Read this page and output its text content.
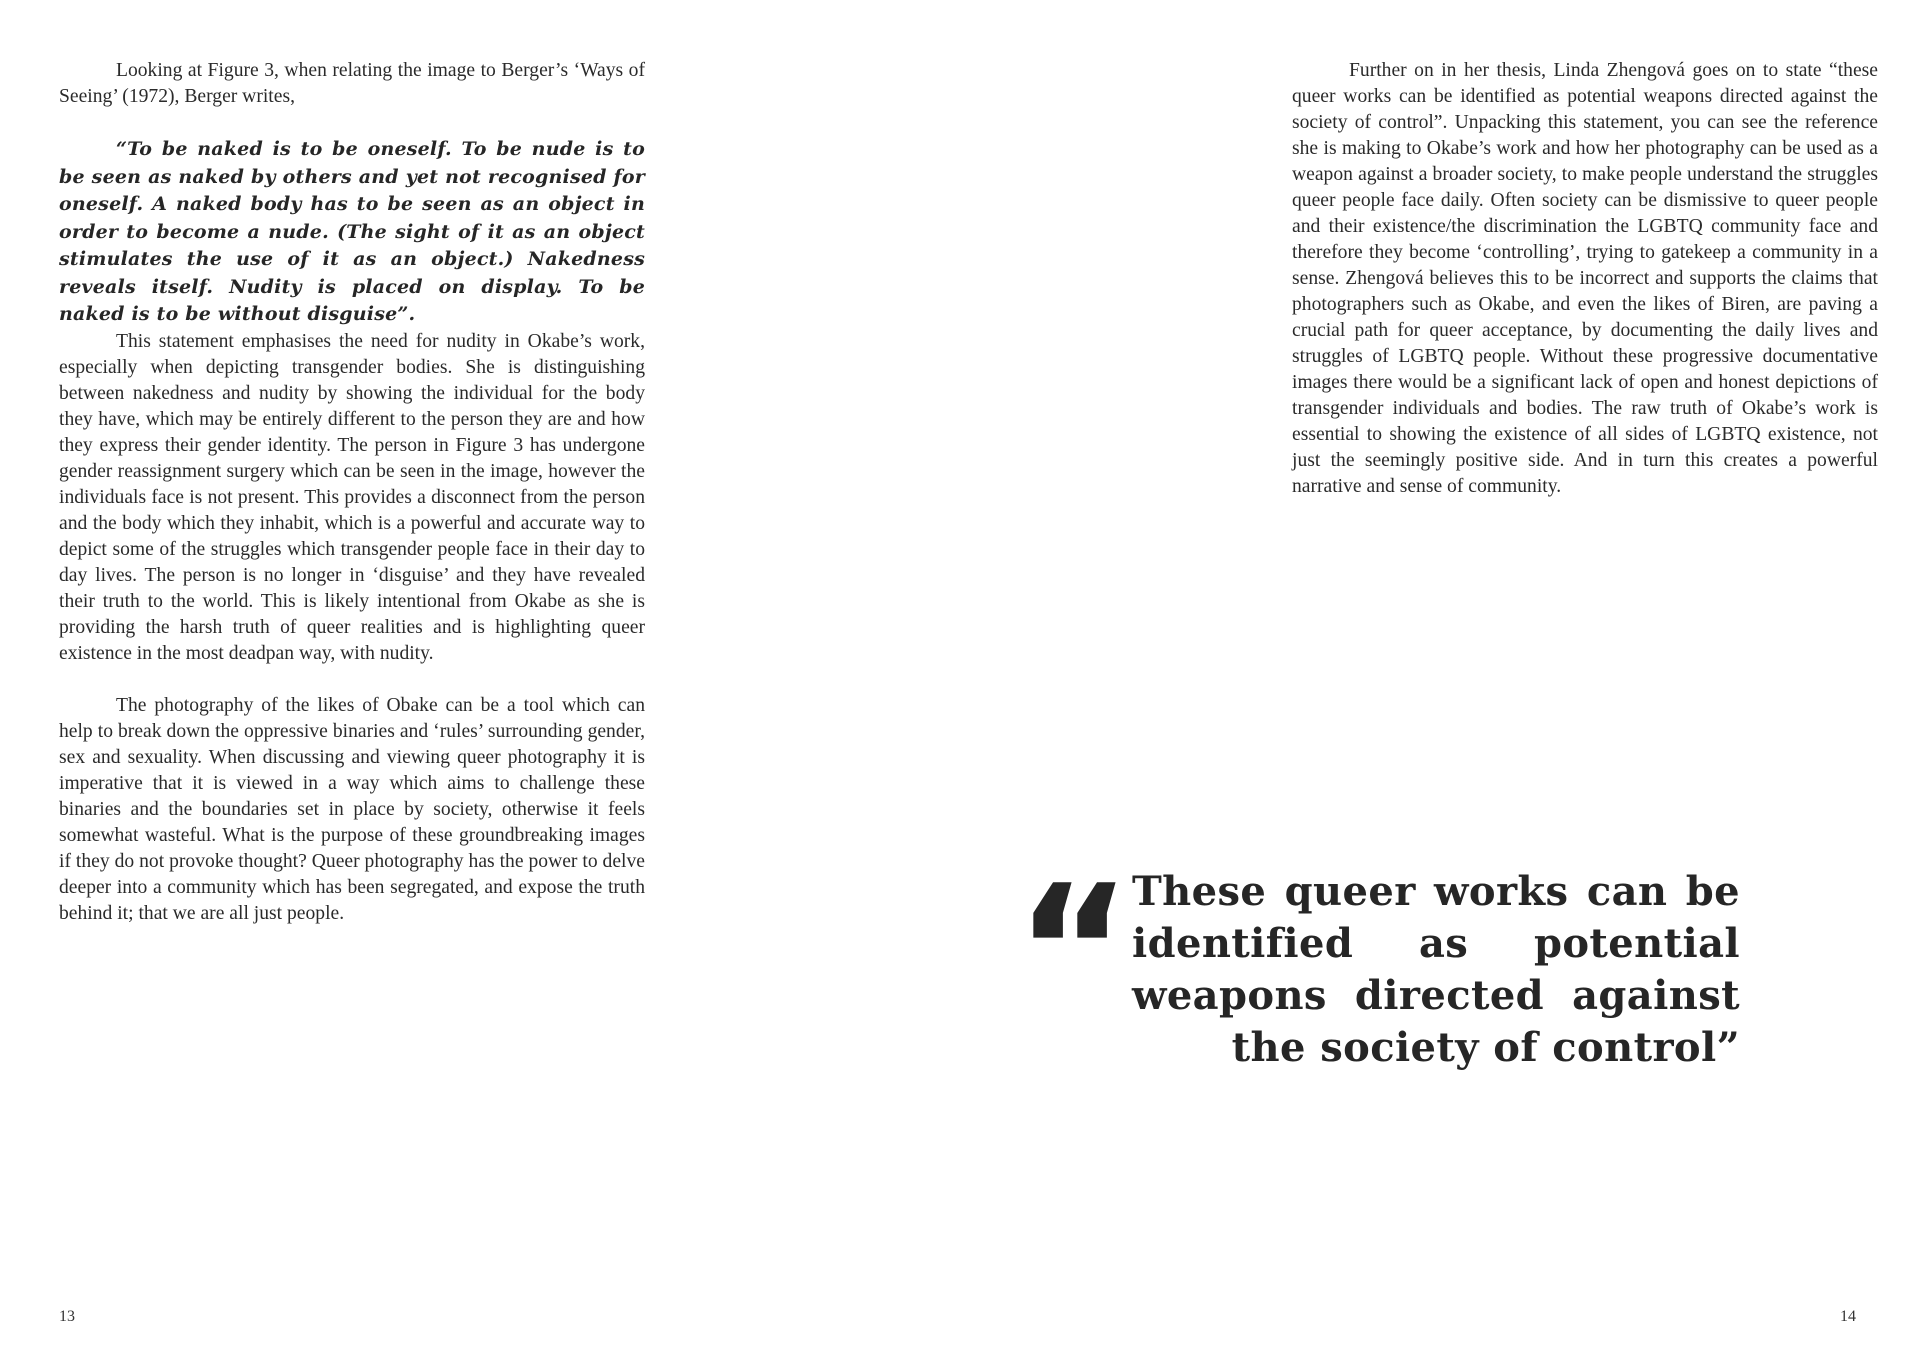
Looking at Figure 3, when relating the image to Berger’s ‘Ways of Seeing’ (1972), Berger writes,

“To be naked is to be oneself. To be nude is to be seen as naked by others and yet not recognised for oneself. A naked body has to be seen as an object in order to become a nude. (The sight of it as an object stimulates the use of it as an object.) Nakedness reveals itself. Nudity is placed on display. To be naked is to be without disguise”.

This statement emphasises the need for nudity in Okabe’s work, especially when depicting transgender bodies. She is distinguishing between nakedness and nudity by showing the individual for the body they have, which may be entirely different to the person they are and how they express their gender identity. The person in Figure 3 has undergone gender reassignment surgery which can be seen in the image, however the individuals face is not present. This provides a disconnect from the person and the body which they inhabit, which is a powerful and accurate way to depict some of the struggles which transgender people face in their day to day lives. The person is no longer in ‘disguise’ and they have revealed their truth to the world. This is likely intentional from Okabe as she is providing the harsh truth of queer realities and is highlighting queer existence in the most deadpan way, with nudity.

The photography of the likes of Obake can be a tool which can help to break down the oppressive binaries and ‘rules’ surrounding gender, sex and sexuality. When discussing and viewing queer photography it is imperative that it is viewed in a way which aims to challenge these binaries and the boundaries set in place by society, otherwise it feels somewhat wasteful. What is the purpose of these groundbreaking images if they do not provoke thought? Queer photography has the power to delve deeper into a community which has been segregated, and expose the truth behind it; that we are all just people.

13

Further on in her thesis, Linda Zhengová goes on to state “these queer works can be identified as potential weapons directed against the society of control”. Unpacking this statement, you can see the reference she is making to Okabe’s work and how her photography can be used as a weapon against a broader society, to make people understand the struggles queer people face daily. Often society can be dismissive to queer people and their existence/the discrimination the LGBTQ community face and therefore they become ‘controlling’, trying to gatekeep a community in a sense. Zhengová believes this to be incorrect and supports the claims that photographers such as Okabe, and even the likes of Biren, are paving a crucial path for queer acceptance, by documenting the daily lives and struggles of LGBTQ people. Without these progressive documentative images there would be a significant lack of open and honest depictions of transgender individuals and bodies. The raw truth of Okabe’s work is essential to showing the existence of all sides of LGBTQ existence, not just the seemingly positive side. And in turn this creates a powerful narrative and sense of community.

“ These queer works can be identified as potential weapons directed against the society of control”
14
